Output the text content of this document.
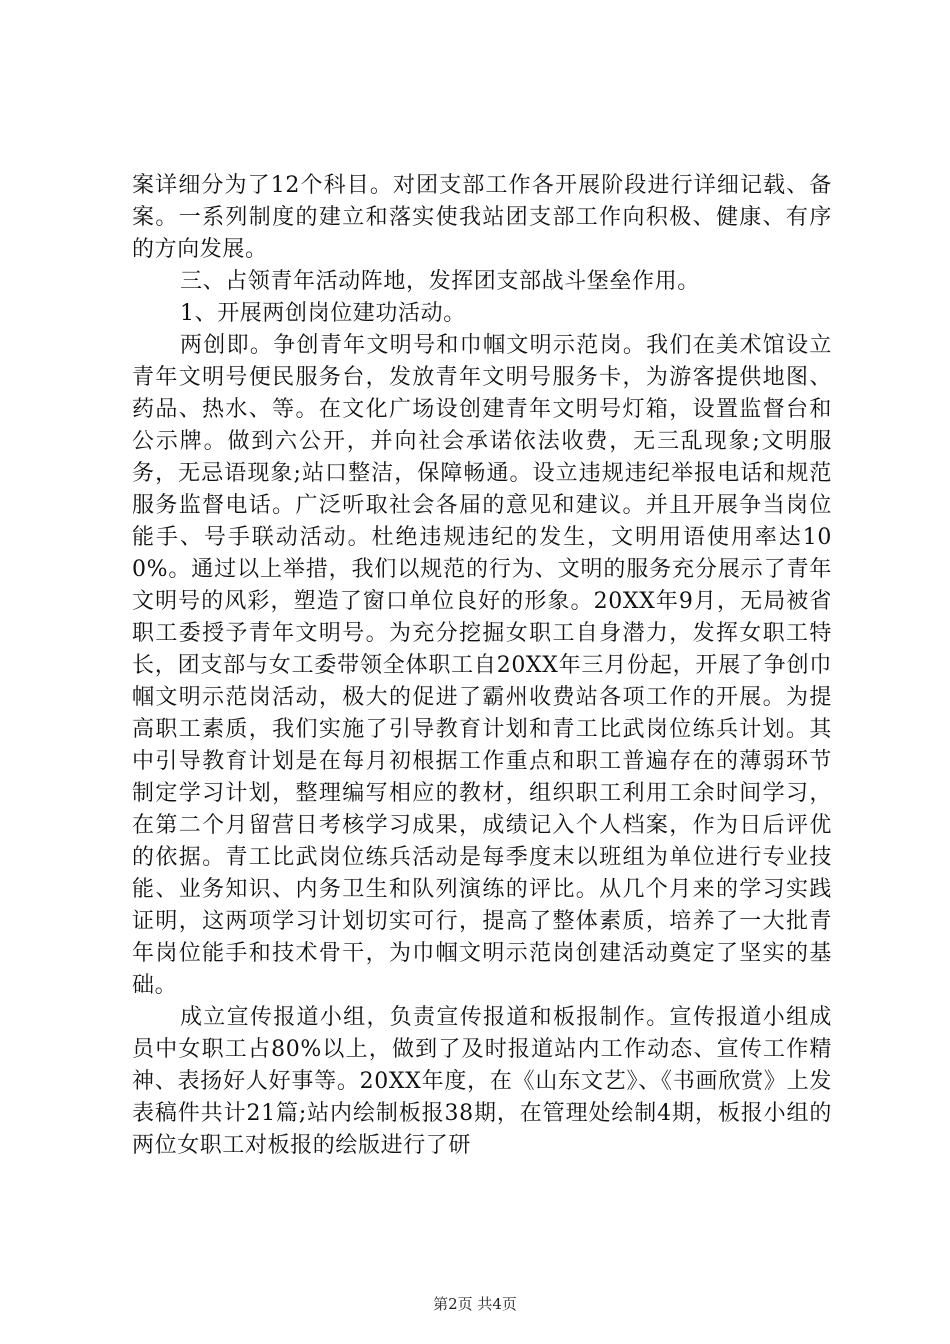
案详细分为了12个科目。对团支部工作各开展阶段进行详细记载、备案。一系列制度的建立和落实使我站团支部工作向积极、健康、有序的方向发展。

三、占领青年活动阵地，发挥团支部战斗堡垒作用。

1、开展两创岗位建功活动。

两创即。争创青年文明号和巾帼文明示范岗。我们在美术馆设立青年文明号便民服务台，发放青年文明号服务卡，为游客提供地图、药品、热水、等。在文化广场设创建青年文明号灯箱，设置监督台和公示牌。做到六公开，并向社会承诺依法收费，无三乱现象;文明服务，无忌语现象;站口整洁，保障畅通。设立违规违纪举报电话和规范服务监督电话。广泛听取社会各届的意见和建议。并且开展争当岗位能手、号手联动活动。杜绝违规违纪的发生，文明用语使用率达100%。通过以上举措，我们以规范的行为、文明的服务充分展示了青年文明号的风彩，塑造了窗口单位良好的形象。20XX年9月，无局被省职工委授予青年文明号。为充分挖掘女职工自身潜力，发挥女职工特长，团支部与女工委带领全体职工自20XX年三月份起，开展了争创巾帼文明示范岗活动，极大的促进了霸州收费站各项工作的开展。为提高职工素质，我们实施了引导教育计划和青工比武岗位练兵计划。其中引导教育计划是在每月初根据工作重点和职工普遍存在的薄弱环节制定学习计划，整理编写相应的教材，组织职工利用工余时间学习，在第二个月留营日考核学习成果，成绩记入个人档案，作为日后评优的依据。青工比武岗位练兵活动是每季度末以班组为单位进行专业技能、业务知识、内务卫生和队列演练的评比。从几个月来的学习实践证明，这两项学习计划切实可行，提高了整体素质，培养了一大批青年岗位能手和技术骨干，为巾帼文明示范岗创建活动奠定了坚实的基础。

成立宣传报道小组，负责宣传报道和板报制作。宣传报道小组成员中女职工占80%以上，做到了及时报道站内工作动态、宣传工作精神、表扬好人好事等。20XX年度，在《山东文艺》、《书画欣赏》上发表稿件共计21篇;站内绘制板报38期，在管理处绘制4期，板报小组的两位女职工对板报的绘版进行了研

第2页 共4页
